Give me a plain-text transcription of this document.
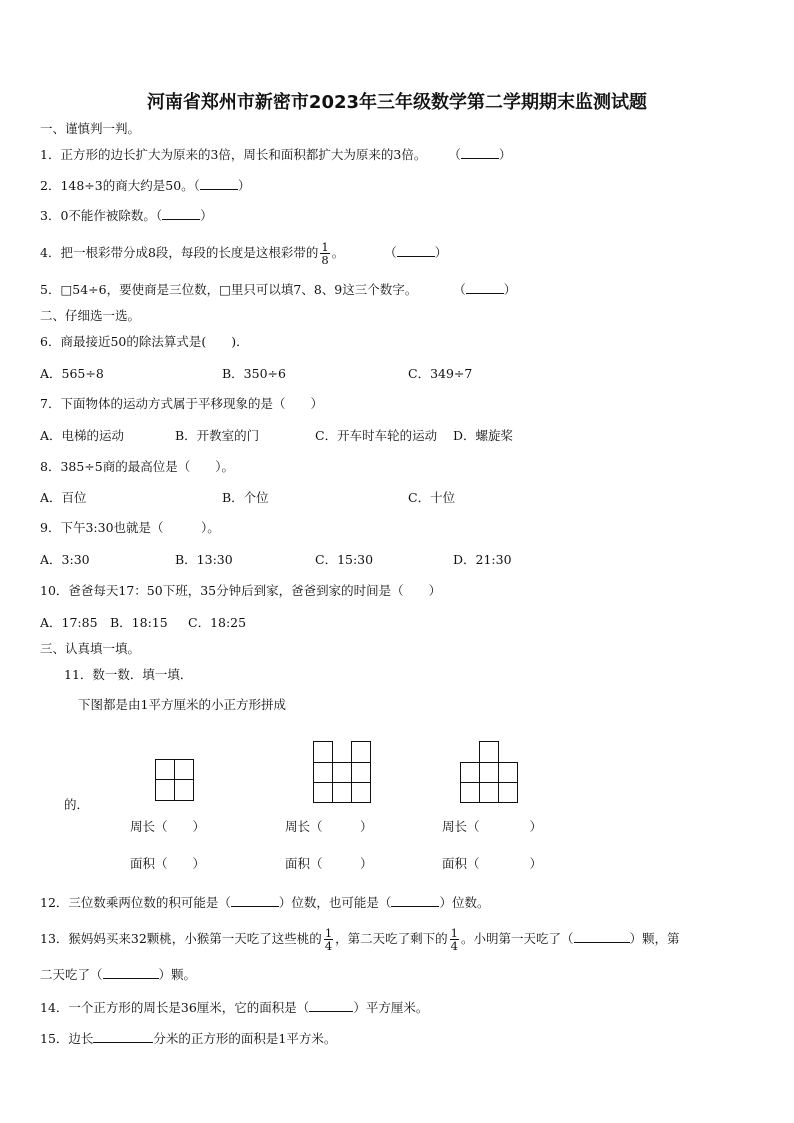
河南省郑州市新密市2023年三年级数学第二学期期末监测试题
一、谨慎判一判。
1．正方形的边长扩大为原来的3倍，周长和面积都扩大为原来的3倍。 （	）
2．148÷3的商大约是50。（	）
3．0不能作被除数。（	）
4．把一根彩带分成8段，每段的长度是这根彩带的 $\frac{1}{8}$ 。	（	）
5．□54÷6，要使商是三位数，□里只可以填7、8、9这三个数字。	（	）
二、仔细选一选。
6．商最接近50的除法算式是(　　)．
A．565÷8	B．350÷6	C．349÷7
7．下面物体的运动方式属于平移现象的是（　　）
A．电梯的运动	B．开教室的门	C．开车时车轮的运动 D．螺旋桨
8．385÷5商的最高位是（　　）。
A．百位	B．个位	C．十位
9．下午3:30也就是（　　　）。
A．3:30	B．13:30	C．15:30	D．21:30
10．爸爸每天17：50下班，35分钟后到家，爸爸到家的时间是（　　）
A．17:85 B．18:15 C．18:25
三、认真填一填。
11．数一数．填一填．
下图都是由1平方厘米的小正方形拼成
的．
周长（　　）	周长（　　　）	周长（　　　　）
面积（　　）	面积（　　　）	面积（　　　　）
12．三位数乘两位数的积可能是（	）位数，也可能是（	）位数。
13．猴妈妈买来32颗桃，小猴第一天吃了这些桃的 $\frac{1}{4}$ ，第二天吃了剩下的 $\frac{1}{4}$ 。小明第一天吃了（	）颗，第
二天吃了（	）颗。
14．一个正方形的周长是36厘米，它的面积是（	）平方厘米。
15．边长	分米的正方形的面积是1平方米。
